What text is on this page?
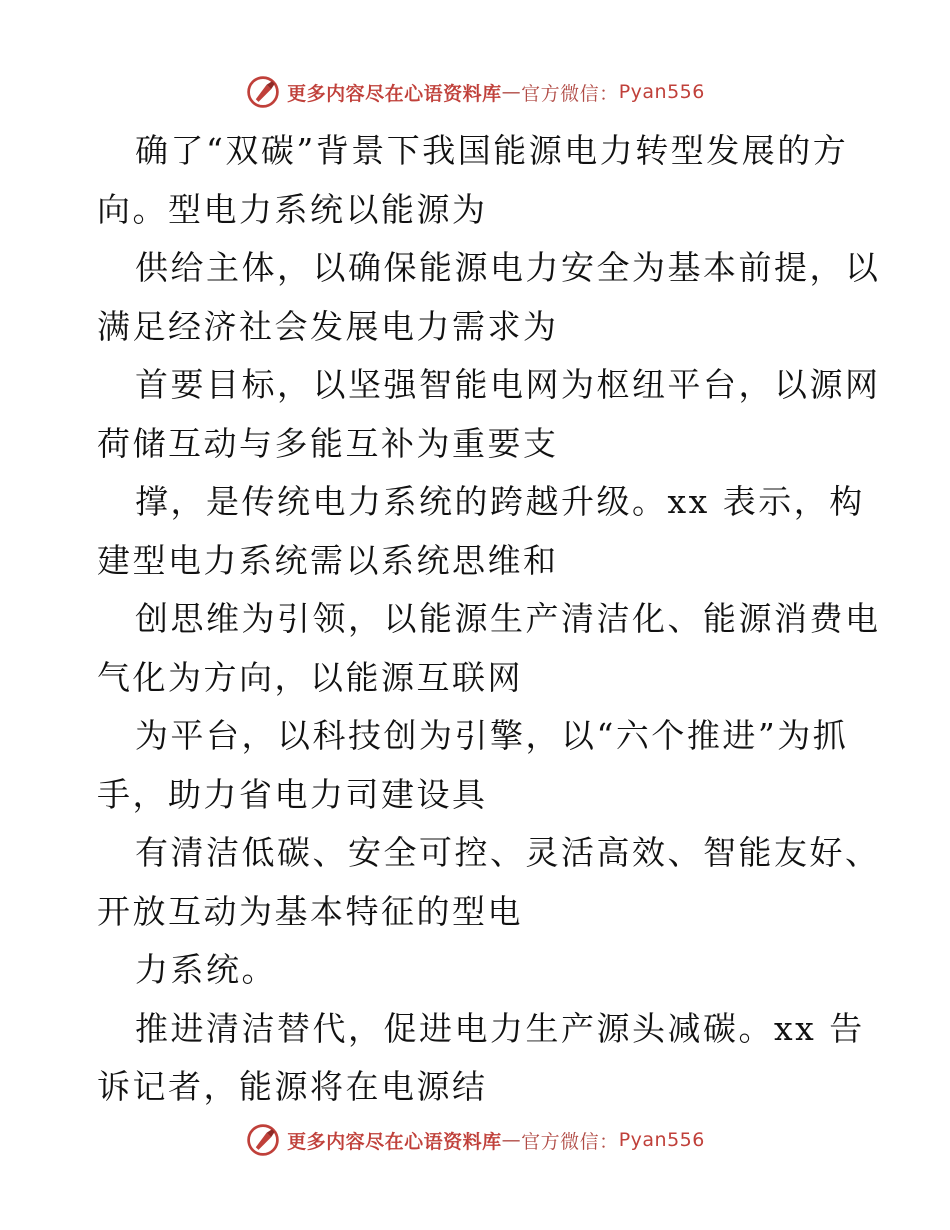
更多内容尽在心语资料库 — 官方微信： Pyan556

确了“双碳”背景下我国能源电力转型发展的方

向。型电力系统以能源为

供给主体，以确保能源电力安全为基本前提，以

满足经济社会发展电力需求为

首要目标，以坚强智能电网为枢纽平台，以源网

荷储互动与多能互补为重要支

撑，是传统电力系统的跨越升级。xx 表示，构

建型电力系统需以系统思维和

创思维为引领，以能源生产清洁化、能源消费电

气化为方向，以能源互联网

为平台，以科技创为引擎，以“六个推进”为抓

手，助力省电力司建设具

有清洁低碳、安全可控、灵活高效、智能友好、

开放互动为基本特征的型电

力系统。

推进清洁替代，促进电力生产源头减碳。xx 告

诉记者，能源将在电源结

更多内容尽在心语资料库 — 官方微信： Pyan556
